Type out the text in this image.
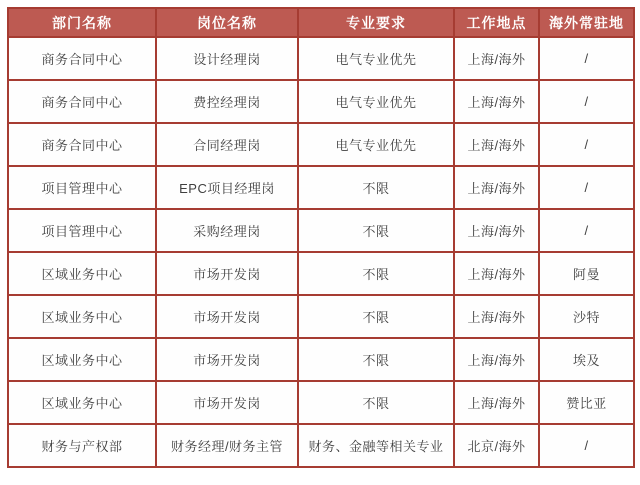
部门名称	岗位名称	专业要求	工作地点	海外常驻地
商务合同中心	设计经理岗	电气专业优先	上海/海外	/
商务合同中心	费控经理岗	电气专业优先	上海/海外	/
商务合同中心	合同经理岗	电气专业优先	上海/海外	/
项目管理中心	EPC项目经理岗	不限	上海/海外	/
项目管理中心	采购经理岗	不限	上海/海外	/
区域业务中心	市场开发岗	不限	上海/海外	阿曼
区域业务中心	市场开发岗	不限	上海/海外	沙特
区域业务中心	市场开发岗	不限	上海/海外	埃及
区域业务中心	市场开发岗	不限	上海/海外	赞比亚
财务与产权部	财务经理/财务主管	财务、金融等相关专业	北京/海外	/
